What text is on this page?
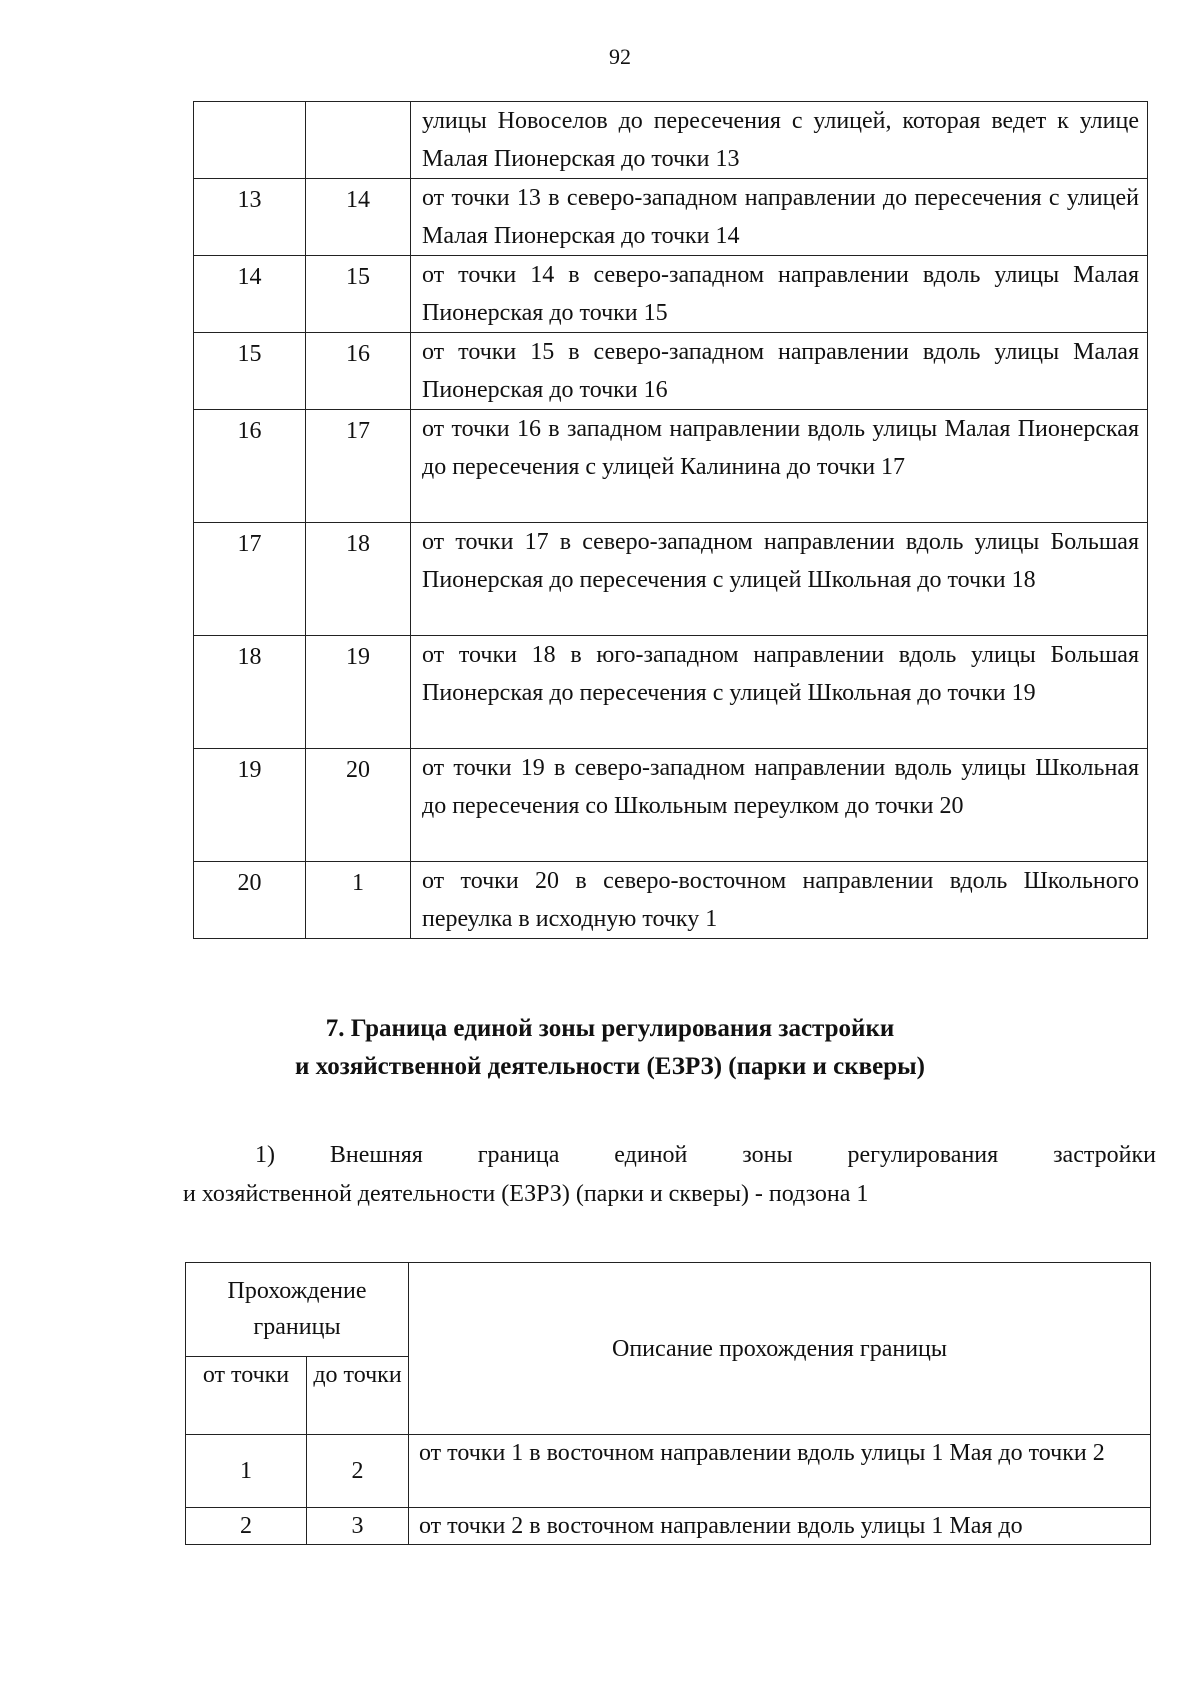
92
		улицы Новоселов до пересечения с улицей, которая ведет к улице Малая Пионерская до точки 13
13	14	от точки 13 в северо-западном направлении до пересечения с улицей Малая Пионерская до точки 14
14	15	от точки 14 в северо-западном направлении вдоль улицы Малая Пионерская до точки 15
15	16	от точки 15 в северо-западном направлении вдоль улицы Малая Пионерская до точки 16
16	17	от точки 16 в западном направлении вдоль улицы Малая Пионерская до пересечения с улицей Калинина до точки 17
17	18	от точки 17 в северо-западном направлении вдоль улицы Большая Пионерская до пересечения с улицей Школьная до точки 18
18	19	от точки 18 в юго-западном направлении вдоль улицы Большая Пионерская до пересечения с улицей Школьная до точки 19
19	20	от точки 19 в северо-западном направлении вдоль улицы Школьная до пересечения со Школьным переулком до точки 20
20	1	от точки 20 в северо-восточном направлении вдоль Школьного переулка в исходную точку 1
7. Граница единой зоны регулирования застройки
и хозяйственной деятельности (ЕЗРЗ) (парки и скверы)
1) Внешняя граница единой зоны регулирования застройки
и хозяйственной деятельности (ЕЗРЗ) (парки и скверы) - подзона 1
Прохождение границы		Описание прохождения границы
от точки	до точки	
1	2	от точки 1 в восточном направлении вдоль улицы 1 Мая до точки 2
2	3	от точки 2 в восточном направлении вдоль улицы 1 Мая до
